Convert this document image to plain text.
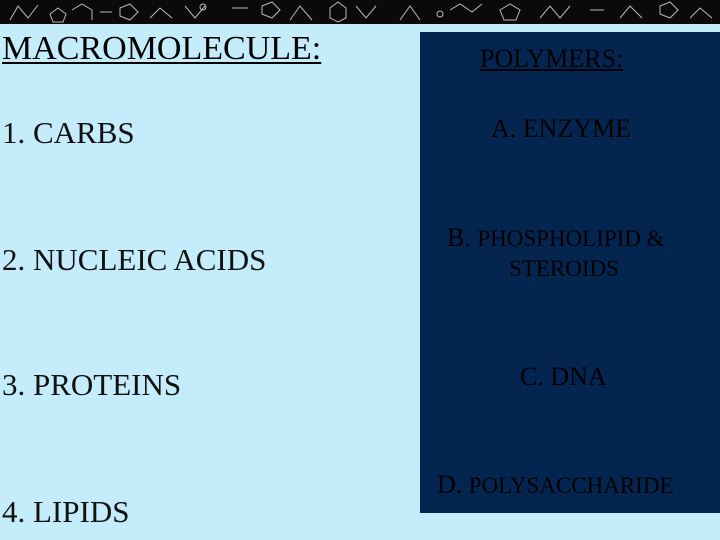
MACROMOLECULE:
1. CARBS
2. NUCLEIC ACIDS
3. PROTEINS
4. LIPIDS
POLYMERS:
A. ENZYME
B. PHOSPHOLIPID &
STEROIDS
C. DNA
D. POLYSACCHARIDE
